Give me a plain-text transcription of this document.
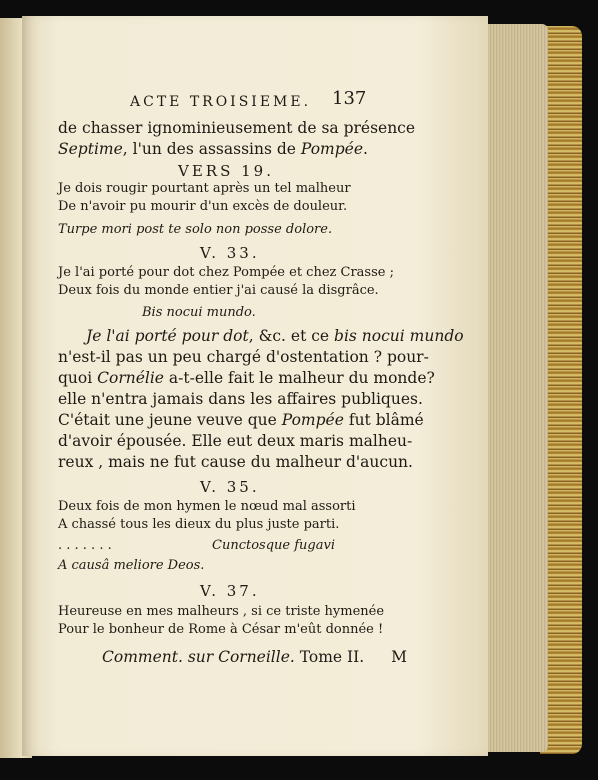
ACTE TROISIEME. 137
de chasser ignominieusement de sa présence
Septime, l'un des assassins de Pompée.
VERS 19.
Je dois rougir pourtant après un tel malheur
De n'avoir pu mourir d'un excès de douleur.
Turpe mori post te solo non posse dolore.
V. 33.
Je l'ai porté pour dot chez Pompée et chez Crasse ;
Deux fois du monde entier j'ai causé la disgrâce.
Bis nocui mundo.
Je l'ai porté pour dot, &c. et ce bis nocui mundo
n'est-il pas un peu chargé d'ostentation ? pour-
quoi Cornélie a-t-elle fait le malheur du monde?
elle n'entra jamais dans les affaires publiques.
C'était une jeune veuve que Pompée fut blâmé
d'avoir épousée. Elle eut deux maris malheu-
reux , mais ne fut cause du malheur d'aucun.
V. 35.
Deux fois de mon hymen le nœud mal assorti
A chassé tous les dieux du plus juste parti.
. . . . . . .	Cunctosque fugavi
A causâ meliore Deos.
V. 37.
Heureuse en mes malheurs , si ce triste hymenée
Pour le bonheur de Rome à César m'eût donnée !
Comment. sur Corneille. Tome II. M
